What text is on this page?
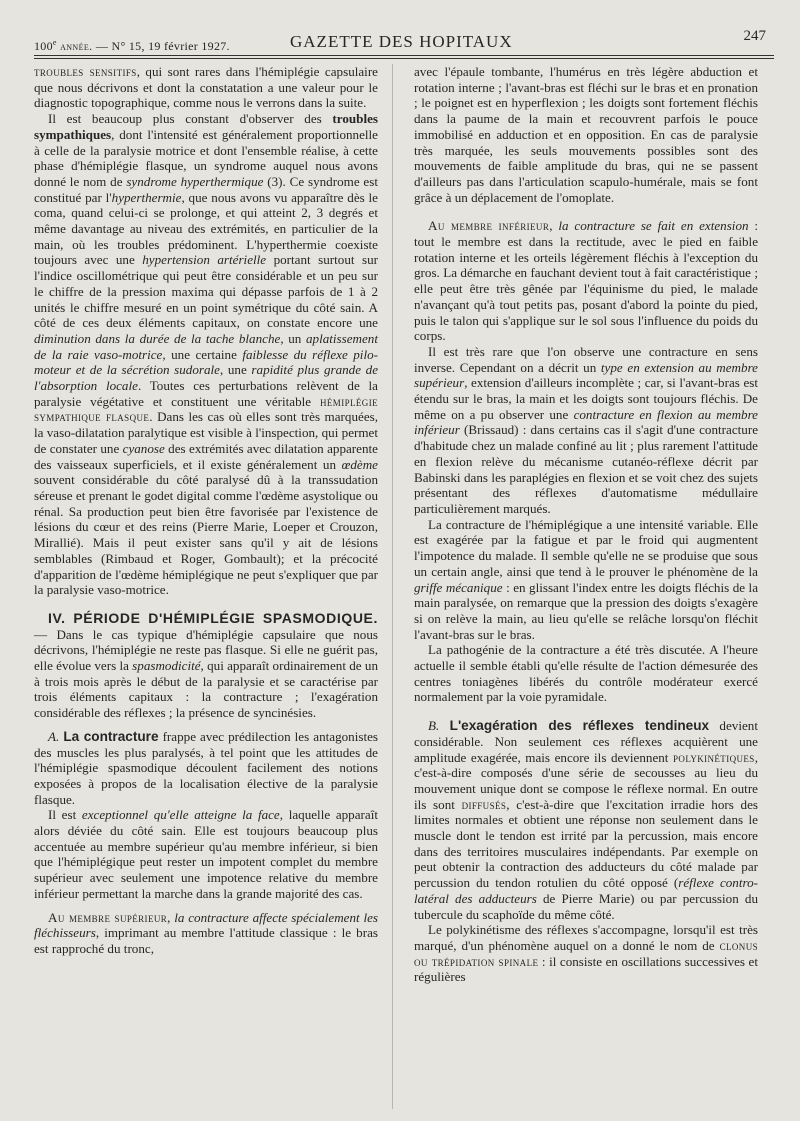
100e année. — N° 15, 19 février 1927.	GAZETTE DES HOPITAUX	247

troubles sensitifs, qui sont rares dans l'hémiplégie capsulaire que nous décrivons et dont la constatation a une valeur pour le diagnostic topographique, comme nous le verrons dans la suite.

Il est beaucoup plus constant d'observer des troubles sympathiques, dont l'intensité est généralement proportionnelle à celle de la paralysie motrice et dont l'ensemble réalise, à cette phase d'hémiplégie flasque, un syndrome auquel nous avons donné le nom de syndrome hyperthermique (3). Ce syndrome est constitué par l'hyperthermie, que nous avons vu apparaître dès le coma, quand celui-ci se prolonge, et qui atteint 2, 3 degrés et même davantage au niveau des extrémités, en particulier de la main, où les troubles prédominent. L'hyperthermie coexiste toujours avec une hypertension artérielle portant surtout sur l'indice oscillométrique qui peut être considérable et un peu sur le chiffre de la pression maxima qui dépasse parfois de 1 à 2 unités le chiffre mesuré en un point symétrique du côté sain. A côté de ces deux éléments capitaux, on constate encore une diminution dans la durée de la tache blanche, un aplatissement de la raie vaso-motrice, une certaine faiblesse du réflexe pilo-moteur et de la sécrétion sudorale, une rapidité plus grande de l'absorption locale. Toutes ces perturbations relèvent de la paralysie végétative et constituent une véritable hémiplégie sympathique flasque. Dans les cas où elles sont très marquées, la vaso-dilatation paralytique est visible à l'inspection, qui permet de constater une cyanose des extrémités avec dilatation apparente des vaisseaux superficiels, et il existe généralement un œdème souvent considérable du côté paralysé dû à la transsudation séreuse et prenant le godet digital comme l'œdème asystolique ou rénal. Sa production peut bien être favorisée par l'existence de lésions du cœur et des reins (Pierre Marie, Loeper et Crouzon, Mirallié). Mais il peut exister sans qu'il y ait de lésions semblables (Rimbaud et Roger, Gombault); et la précocité d'apparition de l'œdème hémiplégique ne peut s'expliquer que par la paralysie vaso-motrice.

IV. PÉRIODE D'HÉMIPLÉGIE SPASMODIQUE. — Dans le cas typique d'hémiplégie capsulaire que nous décrivons, l'hémiplégie ne reste pas flasque. Si elle ne guérit pas, elle évolue vers la spasmodicité, qui apparaît ordinairement de un à trois mois après le début de la paralysie et se caractérise par trois éléments capitaux : la contracture ; l'exagération considérable des réflexes ; la présence de syncinésies.

A. La contracture frappe avec prédilection les antagonistes des muscles les plus paralysés, à tel point que les attitudes de l'hémiplégie spasmodique découlent facilement des notions exposées à propos de la localisation élective de la paralysie flasque.

Il est exceptionnel qu'elle atteigne la face, laquelle apparaît alors déviée du côté sain. Elle est toujours beaucoup plus accentuée au membre supérieur qu'au membre inférieur, si bien que l'hémiplégique peut rester un impotent complet du membre supérieur avec seulement une impotence relative du membre inférieur permettant la marche dans la grande majorité des cas.

Au membre supérieur, la contracture affecte spécialement les fléchisseurs, imprimant au membre l'attitude classique : le bras est rapproché du tronc,

avec l'épaule tombante, l'humérus en très légère abduction et rotation interne ; l'avant-bras est fléchi sur le bras et en pronation ; le poignet est en hyperflexion ; les doigts sont fortement fléchis dans la paume de la main et recouvrent parfois le pouce immobilisé en adduction et en opposition. En cas de paralysie très marquée, les seuls mouvements possibles sont des mouvements de faible amplitude du bras, qui ne se passent d'ailleurs pas dans l'articulation scapulo-humérale, mais se font grâce à un déplacement de l'omoplate.

Au membre inférieur, la contracture se fait en extension : tout le membre est dans la rectitude, avec le pied en faible rotation interne et les orteils légèrement fléchis à l'exception du gros. La démarche en fauchant devient tout à fait caractéristique ; elle peut être très gênée par l'équinisme du pied, le malade n'avançant qu'à tout petits pas, posant d'abord la pointe du pied, puis le talon qui s'applique sur le sol sous l'influence du poids du corps.

Il est très rare que l'on observe une contracture en sens inverse. Cependant on a décrit un type en extension au membre supérieur, extension d'ailleurs incomplète ; car, si l'avant-bras est étendu sur le bras, la main et les doigts sont toujours fléchis. De même on a pu observer une contracture en flexion au membre inférieur (Brissaud) : dans certains cas il s'agit d'une contracture d'habitude chez un malade confiné au lit ; plus rarement l'attitude en flexion relève du mécanisme cutanéo-réflexe décrit par Babinski dans les paraplégies en flexion et se voit chez des sujets présentant des réflexes d'automatisme médullaire particulièrement marqués.

La contracture de l'hémiplégique a une intensité variable. Elle est exagérée par la fatigue et par le froid qui augmentent l'impotence du malade. Il semble qu'elle ne se produise que sous un certain angle, ainsi que tend à le prouver le phénomène de la griffe mécanique : en glissant l'index entre les doigts fléchis de la main paralysée, on remarque que la pression des doigts s'exagère si on relève la main, au lieu qu'elle se relâche lorsqu'on fléchit l'avant-bras sur le bras.

La pathogénie de la contracture a été très discutée. A l'heure actuelle il semble établi qu'elle résulte de l'action démesurée des centres toniagènes libérés du contrôle modérateur exercé normalement par la voie pyramidale.

B. L'exagération des réflexes tendineux devient considérable. Non seulement ces réflexes acquièrent une amplitude exagérée, mais encore ils deviennent polykinétiques, c'est-à-dire composés d'une série de secousses au lieu du mouvement unique dont se compose le réflexe normal. En outre ils sont diffusés, c'est-à-dire que l'excitation irradie hors des limites normales et obtient une réponse non seulement dans le muscle dont le tendon est irrité par la percussion, mais encore dans des territoires musculaires indépendants. Par exemple on peut obtenir la contraction des adducteurs du côté malade par percussion du tendon rotulien du côté opposé (réflexe contro-latéral des adducteurs de Pierre Marie) ou par percussion du tubercule du scaphoïde du même côté.

Le polykinétisme des réflexes s'accompagne, lorsqu'il est très marqué, d'un phénomène auquel on a donné le nom de clonus ou trépidation spinale : il consiste en oscillations successives et régulières
